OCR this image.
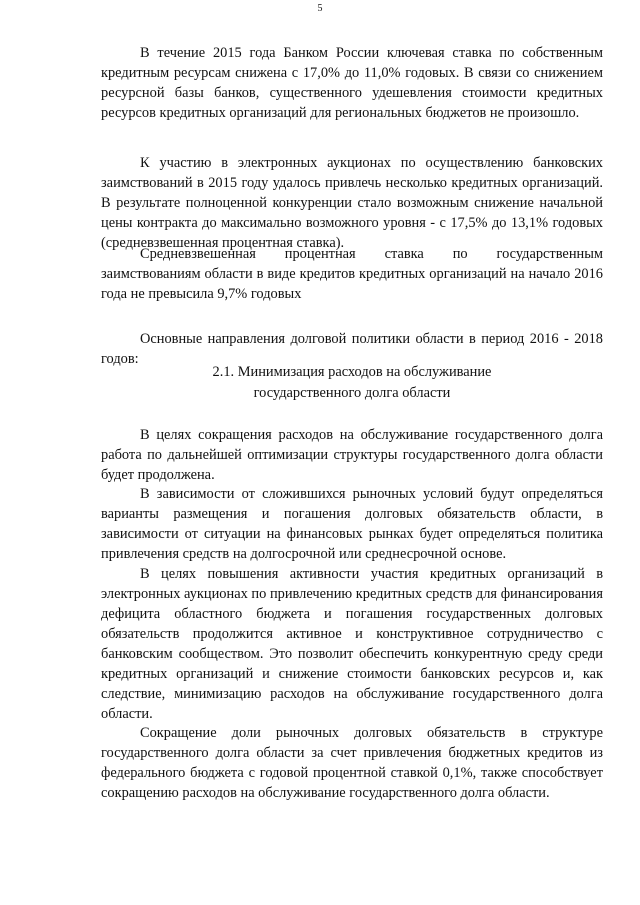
5

В течение 2015 года Банком России ключевая ставка по собственным кредитным ресурсам снижена с 17,0% до 11,0% годовых. В связи со снижением ресурсной базы банков, существенного удешевления стоимости кредитных ресурсов кредитных организаций для региональных бюджетов не произошло.

К участию в электронных аукционах по осуществлению банковских заимствований в 2015 году удалось привлечь несколько кредитных организаций. В результате полноценной конкуренции стало возможным снижение начальной цены контракта до максимально возможного уровня - с 17,5% до 13,1% годовых (средневзвешенная процентная ставка).

Средневзвешенная процентная ставка по государственным заимствованиям области в виде кредитов кредитных организаций на начало 2016 года не превысила 9,7% годовых

Основные направления долговой политики области в период 2016 - 2018 годов:

2.1. Минимизация расходов на обслуживание
государственного долга области

В целях сокращения расходов на обслуживание государственного долга работа по дальнейшей оптимизации структуры государственного долга области будет продолжена.

В зависимости от сложившихся рыночных условий будут определяться варианты размещения и погашения долговых обязательств области, в зависимости от ситуации на финансовых рынках будет определяться политика привлечения средств на долгосрочной или среднесрочной основе.

В целях повышения активности участия кредитных организаций в электронных аукционах по привлечению кредитных средств для финансирования дефицита областного бюджета и погашения государственных долговых обязательств продолжится активное и конструктивное сотрудничество с банковским сообществом. Это позволит обеспечить конкурентную среду среди кредитных организаций и снижение стоимости банковских ресурсов и, как следствие, минимизацию расходов на обслуживание государственного долга области.

Сокращение доли рыночных долговых обязательств в структуре государственного долга области за счет привлечения бюджетных кредитов из федерального бюджета с годовой процентной ставкой 0,1%, также способствует сокращению расходов на обслуживание государственного долга области.
